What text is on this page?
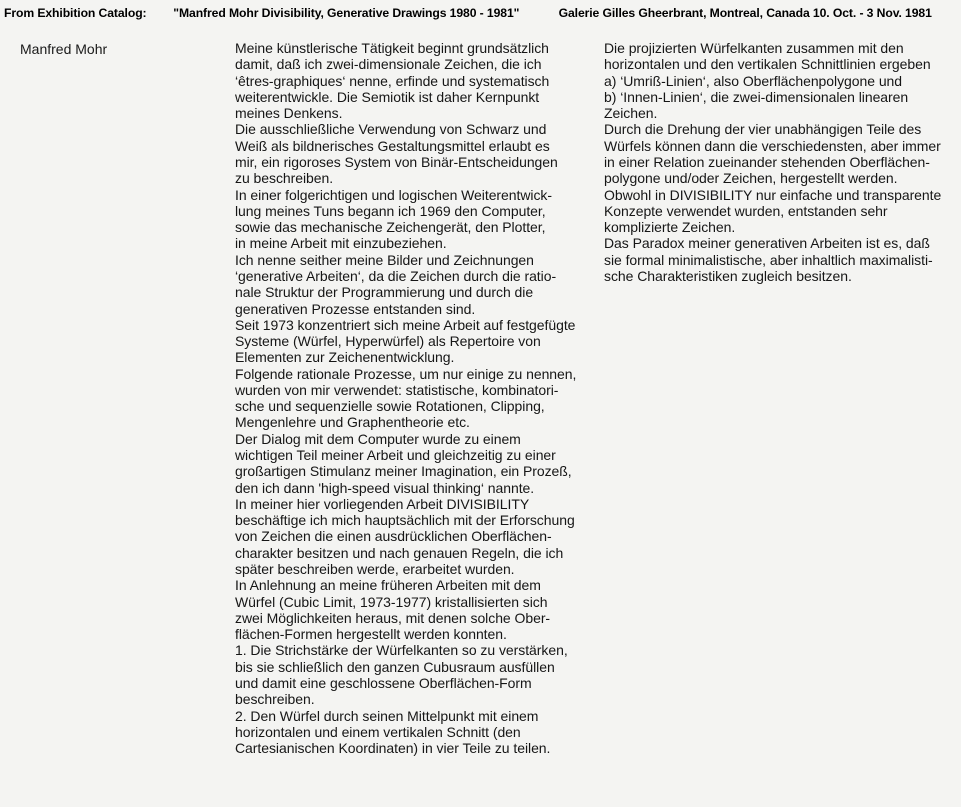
From Exhibition Catalog: "Manfred Mohr Divisibility, Generative Drawings 1980 - 1981"	Galerie Gilles Gheerbrant, Montreal, Canada 10. Oct. - 3 Nov. 1981
Manfred Mohr	Meine künstlerische Tätigkeit beginnt grundsätzlich
damit, daß ich zwei-dimensionale Zeichen, die ich
‘êtres-graphiques‘ nenne, erfinde und systematisch
weiterentwickle. Die Semiotik ist daher Kernpunkt
meines Denkens.
Die ausschließliche Verwendung von Schwarz und
Weiß als bildnerisches Gestaltungsmittel erlaubt es
mir, ein rigoroses System von Binär-Entscheidungen
zu beschreiben.
In einer folgerichtigen und logischen Weiterentwick-
lung meines Tuns begann ich 1969 den Computer,
sowie das mechanische Zeichengerät, den Plotter,
in meine Arbeit mit einzubeziehen.
Ich nenne seither meine Bilder und Zeichnungen
‘generative Arbeiten‘, da die Zeichen durch die ratio-
nale Struktur der Programmierung und durch die
generativen Prozesse entstanden sind.
Seit 1973 konzentriert sich meine Arbeit auf festgefügte
Systeme (Würfel, Hyperwürfel) als Repertoire von
Elementen zur Zeichenentwicklung.
Folgende rationale Prozesse, um nur einige zu nennen,
wurden von mir verwendet: statistische, kombinatori-
sche und sequenzielle sowie Rotationen, Clipping,
Mengenlehre und Graphentheorie etc.
Der Dialog mit dem Computer wurde zu einem
wichtigen Teil meiner Arbeit und gleichzeitig zu einer
großartigen Stimulanz meiner Imagination, ein Prozeß,
den ich dann 'high-speed visual thinking‘ nannte.
In meiner hier vorliegenden Arbeit DIVISIBILITY
beschäftige ich mich hauptsächlich mit der Erforschung
von Zeichen die einen ausdrücklichen Oberflächen-
charakter besitzen und nach genauen Regeln, die ich
später beschreiben werde, erarbeitet wurden.
In Anlehnung an meine früheren Arbeiten mit dem
Würfel (Cubic Limit, 1973-1977) kristallisierten sich
zwei Möglichkeiten heraus, mit denen solche Ober-
flächen-Formen hergestellt werden konnten.
1. Die Strichstärke der Würfelkanten so zu verstärken,
bis sie schließlich den ganzen Cubusraum ausfüllen
und damit eine geschlossene Oberflächen-Form
beschreiben.
2. Den Würfel durch seinen Mittelpunkt mit einem
horizontalen und einem vertikalen Schnitt (den
Cartesianischen Koordinaten) in vier Teile zu teilen.
Die projizierten Würfelkanten zusammen mit den
horizontalen und den vertikalen Schnittlinien ergeben
a) ‘Umriß-Linien‘, also Oberflächenpolygone und
b) ‘Innen-Linien‘, die zwei-dimensionalen linearen
Zeichen.
Durch die Drehung der vier unabhängigen Teile des
Würfels können dann die verschiedensten, aber immer
in einer Relation zueinander stehenden Oberflächen-
polygone und/oder Zeichen, hergestellt werden.
Obwohl in DIVISIBILITY nur einfache und transparente
Konzepte verwendet wurden, entstanden sehr
komplizierte Zeichen.
Das Paradox meiner generativen Arbeiten ist es, daß
sie formal minimalistische, aber inhaltlich maximalisti-
sche Charakteristiken zugleich besitzen.
